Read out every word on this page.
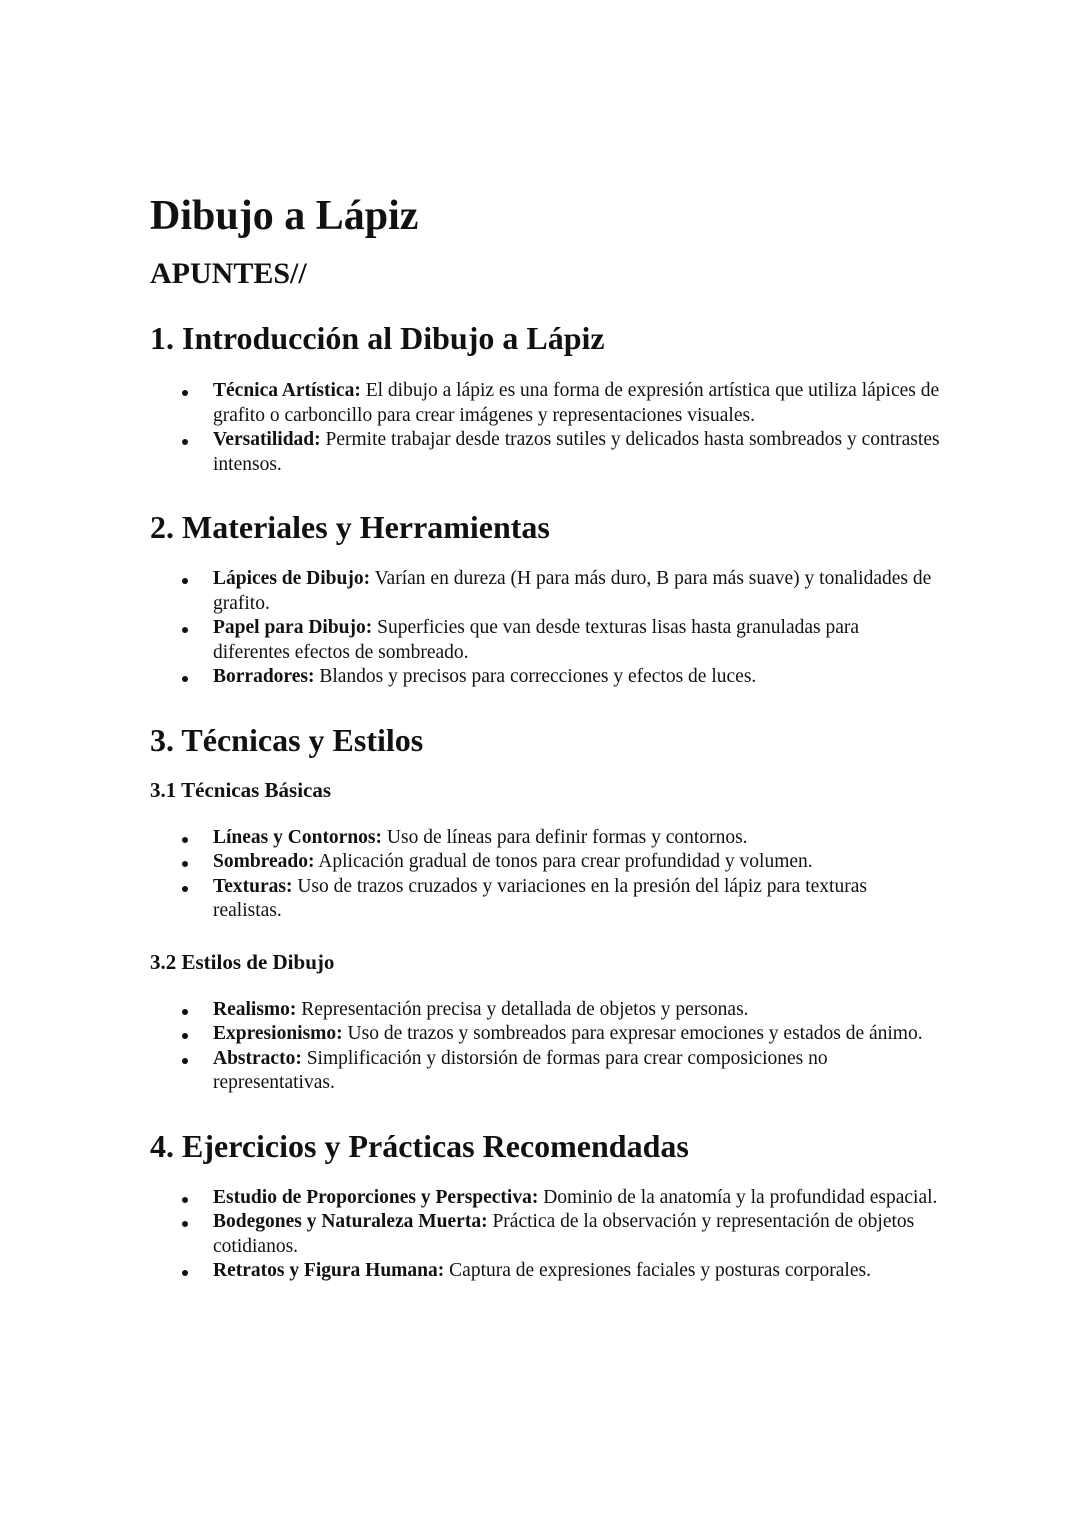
Dibujo a Lápiz
APUNTES//
1. Introducción al Dibujo a Lápiz
Técnica Artística: El dibujo a lápiz es una forma de expresión artística que utiliza lápices de grafito o carboncillo para crear imágenes y representaciones visuales.
Versatilidad: Permite trabajar desde trazos sutiles y delicados hasta sombreados y contrastes intensos.
2. Materiales y Herramientas
Lápices de Dibujo: Varían en dureza (H para más duro, B para más suave) y tonalidades de grafito.
Papel para Dibujo: Superficies que van desde texturas lisas hasta granuladas para diferentes efectos de sombreado.
Borradores: Blandos y precisos para correcciones y efectos de luces.
3. Técnicas y Estilos
3.1 Técnicas Básicas
Líneas y Contornos: Uso de líneas para definir formas y contornos.
Sombreado: Aplicación gradual de tonos para crear profundidad y volumen.
Texturas: Uso de trazos cruzados y variaciones en la presión del lápiz para texturas realistas.
3.2 Estilos de Dibujo
Realismo: Representación precisa y detallada de objetos y personas.
Expresionismo: Uso de trazos y sombreados para expresar emociones y estados de ánimo.
Abstracto: Simplificación y distorsión de formas para crear composiciones no representativas.
4. Ejercicios y Prácticas Recomendadas
Estudio de Proporciones y Perspectiva: Dominio de la anatomía y la profundidad espacial.
Bodegones y Naturaleza Muerta: Práctica de la observación y representación de objetos cotidianos.
Retratos y Figura Humana: Captura de expresiones faciales y posturas corporales.
